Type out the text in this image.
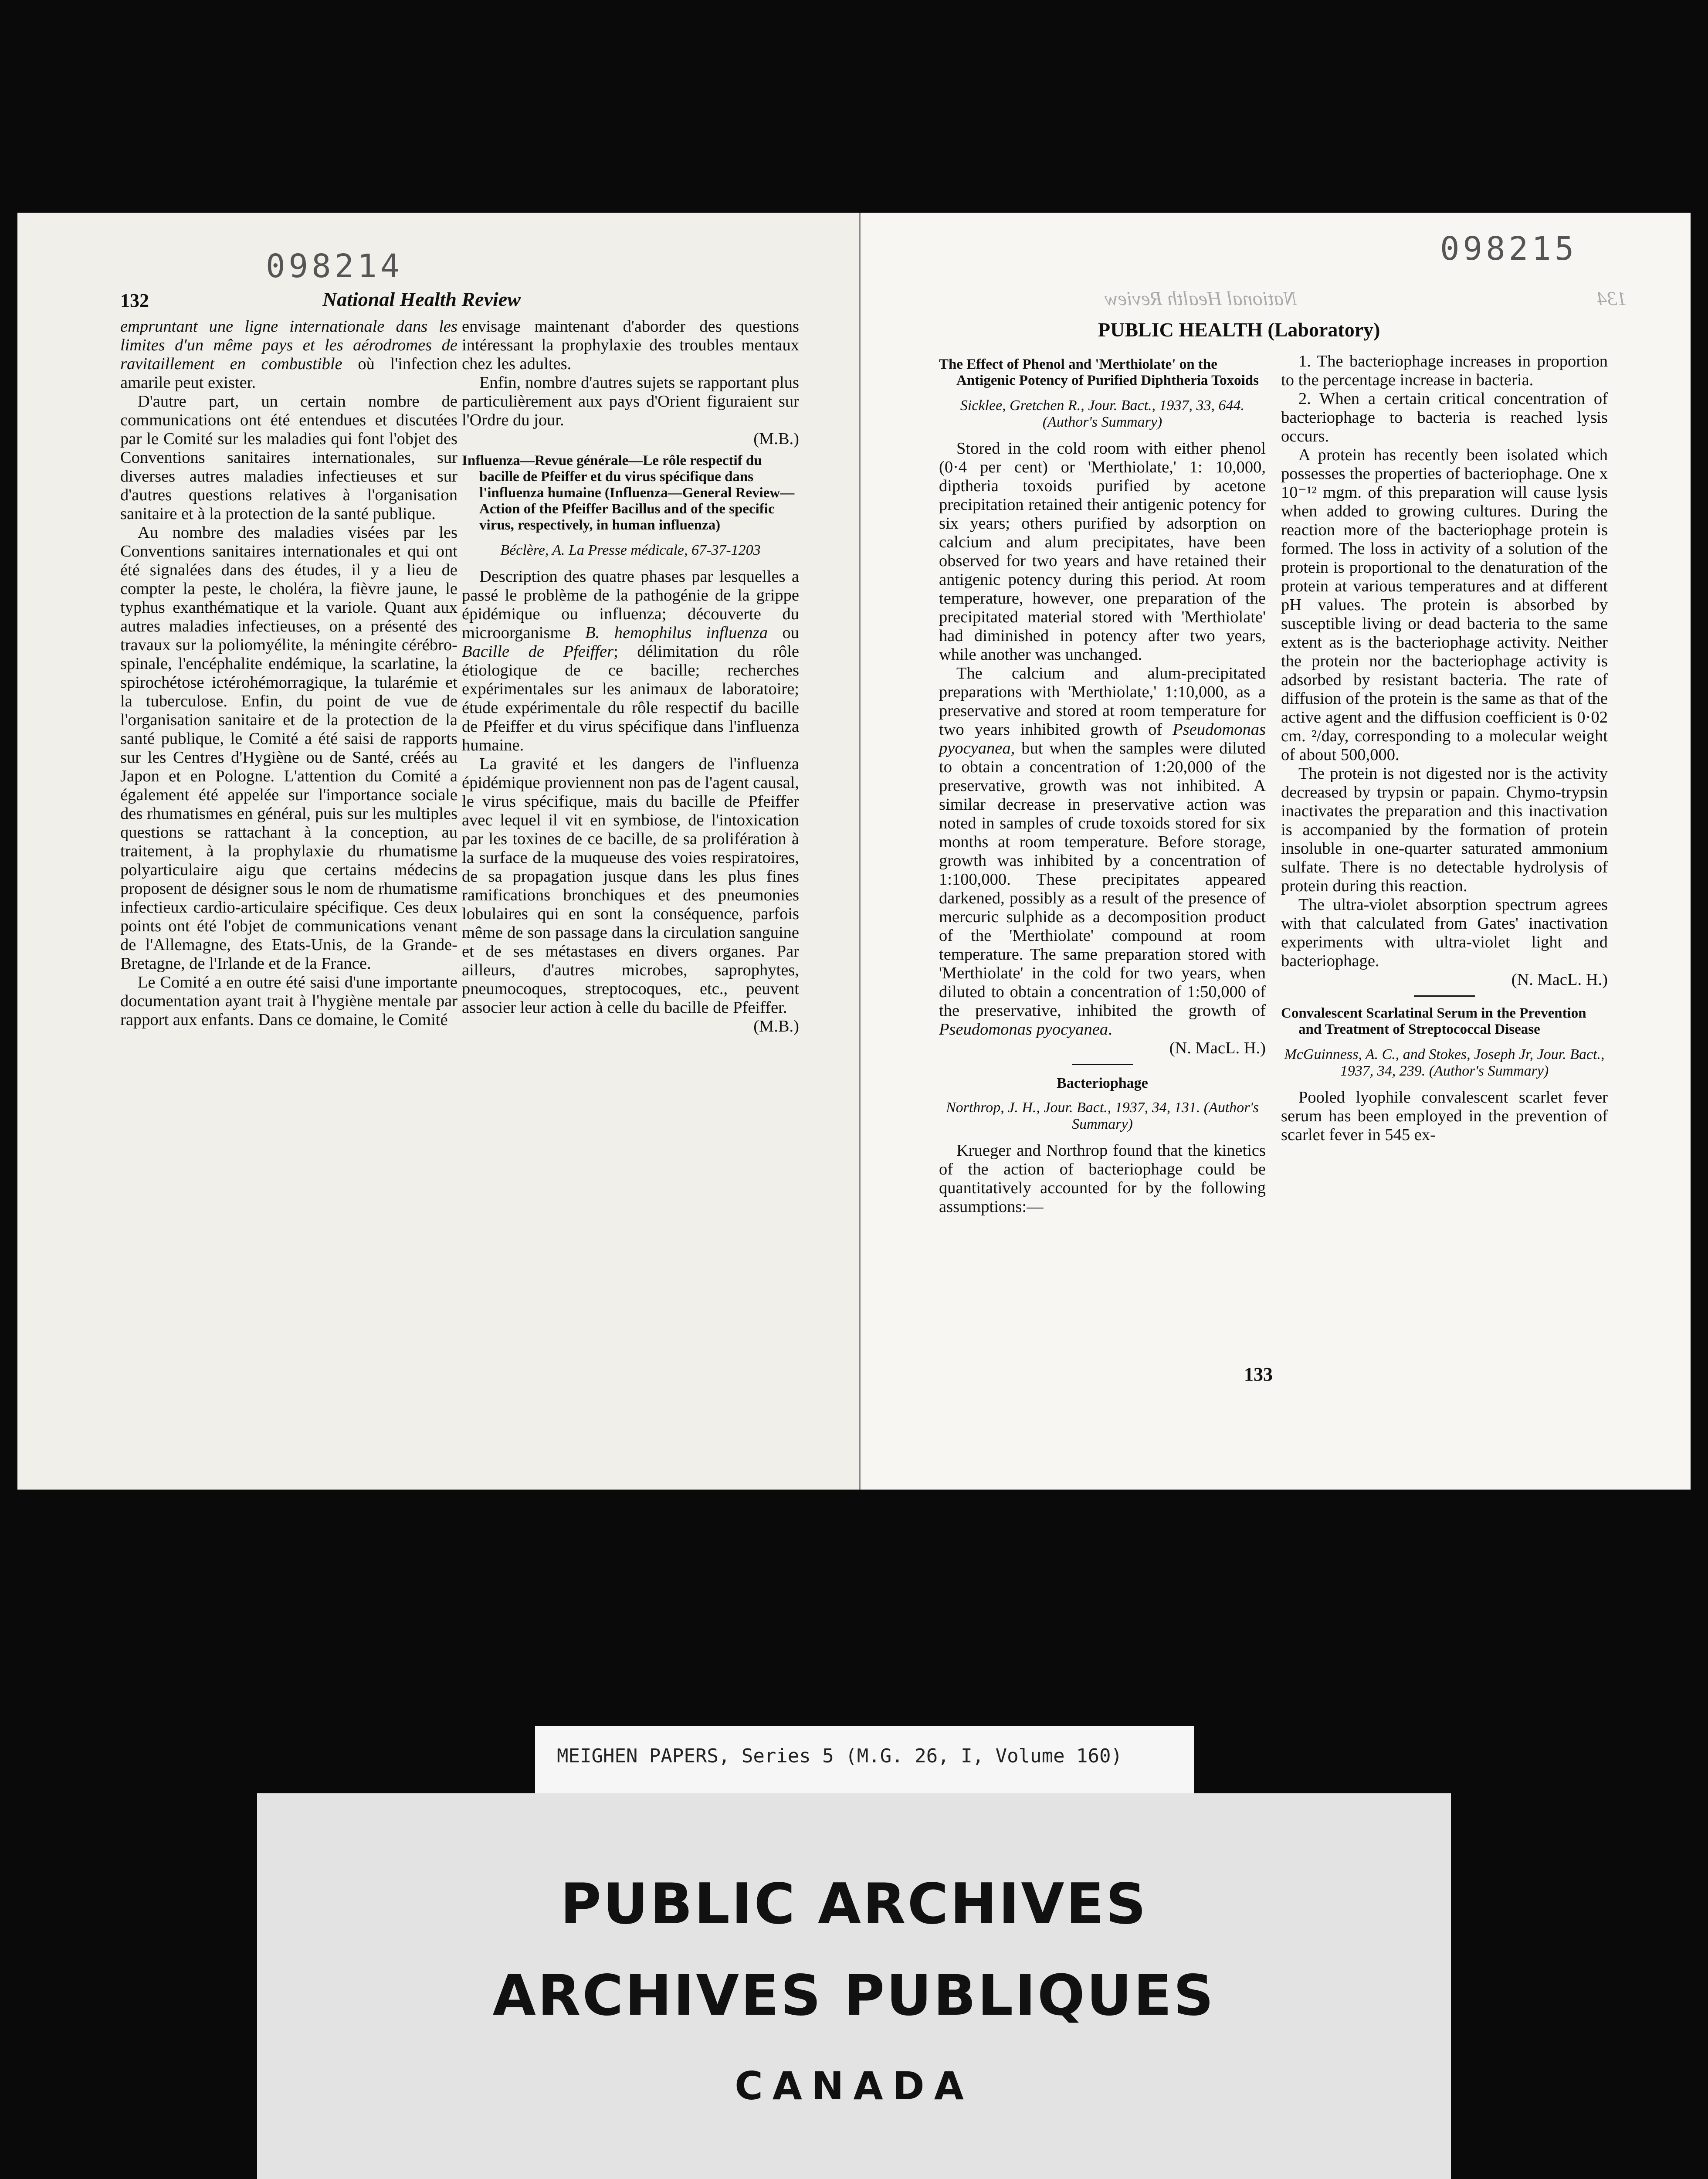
098214
132	National Health Review

empruntant une ligne internationale dans les limites d'un même pays et les aérodromes de ravitaillement en combustible où l'infection amarile peut exister.

D'autre part, un certain nombre de communications ont été entendues et discutées par le Comité sur les maladies qui font l'objet des Conventions sanitaires internationales, sur diverses autres maladies infectieuses et sur d'autres questions relatives à l'organisation sanitaire et à la protection de la santé publique.

Au nombre des maladies visées par les Conventions sanitaires internationales et qui ont été signalées dans des études, il y a lieu de compter la peste, le choléra, la fièvre jaune, le typhus exanthématique et la variole. Quant aux autres maladies infectieuses, on a présenté des travaux sur la poliomyélite, la méningite cérébro-spinale, l'encéphalite endémique, la scarlatine, la spirochétose ictérohémorragique, la tularémie et la tuberculose. Enfin, du point de vue de l'organisation sanitaire et de la protection de la santé publique, le Comité a été saisi de rapports sur les Centres d'Hygiène ou de Santé, créés au Japon et en Pologne. L'attention du Comité a également été appelée sur l'importance sociale des rhumatismes en général, puis sur les multiples questions se rattachant à la conception, au traitement, à la prophylaxie du rhumatisme polyarticulaire aigu que certains médecins proposent de désigner sous le nom de rhumatisme infectieux cardio-articulaire spécifique. Ces deux points ont été l'objet de communications venant de l'Allemagne, des Etats-Unis, de la Grande-Bretagne, de l'Irlande et de la France.

Le Comité a en outre été saisi d'une importante documentation ayant trait à l'hygiène mentale par rapport aux enfants. Dans ce domaine, le Comité

envisage maintenant d'aborder des questions intéressant la prophylaxie des troubles mentaux chez les adultes.

Enfin, nombre d'autres sujets se rapportant plus particulièrement aux pays d'Orient figuraient sur l'Ordre du jour.

(M.B.)

Influenza—Revue générale—Le rôle respectif du bacille de Pfeiffer et du virus spécifique dans l'influenza humaine (Influenza—General Review—Action of the Pfeiffer Bacillus and of the specific virus, respectively, in human influenza)
Béclère, A. La Presse médicale, 67-37-1203

Description des quatre phases par lesquelles a passé le problème de la pathogénie de la grippe épidémique ou influenza; découverte du microorganisme B. hemophilus influenza ou Bacille de Pfeiffer; délimitation du rôle étiologique de ce bacille; recherches expérimentales sur les animaux de laboratoire; étude expérimentale du rôle respectif du bacille de Pfeiffer et du virus spécifique dans l'influenza humaine.

La gravité et les dangers de l'influenza épidémique proviennent non pas de l'agent causal, le virus spécifique, mais du bacille de Pfeiffer avec lequel il vit en symbiose, de l'intoxication par les toxines de ce bacille, de sa prolifération à la surface de la muqueuse des voies respiratoires, de sa propagation jusque dans les plus fines ramifications bronchiques et des pneumonies lobulaires qui en sont la conséquence, parfois même de son passage dans la circulation sanguine et de ses métastases en divers organes. Par ailleurs, d'autres microbes, saprophytes, pneumocoques, streptocoques, etc., peuvent associer leur action à celle du bacille de Pfeiffer.

(M.B.)

098215
National Health Review	134
PUBLIC HEALTH (Laboratory)
The Effect of Phenol and 'Merthiolate' on the Antigenic Potency of Purified Diphtheria Toxoids
Sicklee, Gretchen R., Jour. Bact., 1937, 33, 644. (Author's Summary)

Stored in the cold room with either phenol (0·4 per cent) or 'Merthiolate,' 1: 10,000, diptheria toxoids purified by acetone precipitation retained their antigenic potency for six years; others purified by adsorption on calcium and alum precipitates, have been observed for two years and have retained their antigenic potency during this period. At room temperature, however, one preparation of the precipitated material stored with 'Merthiolate' had diminished in potency after two years, while another was unchanged.

The calcium and alum-precipitated preparations with 'Merthiolate,' 1:10,000, as a preservative and stored at room temperature for two years inhibited growth of Pseudomonas pyocyanea, but when the samples were diluted to obtain a concentration of 1:20,000 of the preservative, growth was not inhibited. A similar decrease in preservative action was noted in samples of crude toxoids stored for six months at room temperature. Before storage, growth was inhibited by a concentration of 1:100,000. These precipitates appeared darkened, possibly as a result of the presence of mercuric sulphide as a decomposition product of the 'Merthiolate' compound at room temperature. The same preparation stored with 'Merthiolate' in the cold for two years, when diluted to obtain a concentration of 1:50,000 of the preservative, inhibited the growth of Pseudomonas pyocyanea.

(N. MacL. H.)

Bacteriophage
Northrop, J. H., Jour. Bact., 1937, 34, 131. (Author's Summary)

Krueger and Northrop found that the kinetics of the action of bacteriophage could be quantitatively accounted for by the following assumptions:—

1. The bacteriophage increases in proportion to the percentage increase in bacteria.

2. When a certain critical concentration of bacteriophage to bacteria is reached lysis occurs.

A protein has recently been isolated which possesses the properties of bacteriophage. One x 10⁻¹² mgm. of this preparation will cause lysis when added to growing cultures. During the reaction more of the bacteriophage protein is formed. The loss in activity of a solution of the protein is proportional to the denaturation of the protein at various temperatures and at different pH values. The protein is absorbed by susceptible living or dead bacteria to the same extent as is the bacteriophage activity. Neither the protein nor the bacteriophage activity is adsorbed by resistant bacteria. The rate of diffusion of the protein is the same as that of the active agent and the diffusion coefficient is 0·02 cm. ²/day, corresponding to a molecular weight of about 500,000.

The protein is not digested nor is the activity decreased by trypsin or papain. Chymo-trypsin inactivates the preparation and this inactivation is accompanied by the formation of protein insoluble in one-quarter saturated ammonium sulfate. There is no detectable hydrolysis of protein during this reaction.

The ultra-violet absorption spectrum agrees with that calculated from Gates' inactivation experiments with ultra-violet light and bacteriophage.

(N. MacL. H.)

Convalescent Scarlatinal Serum in the Prevention and Treatment of Streptococcal Disease
McGuinness, A. C., and Stokes, Joseph Jr, Jour. Bact., 1937, 34, 239. (Author's Summary)

Pooled lyophile convalescent scarlet fever serum has been employed in the prevention of scarlet fever in 545 ex-

133
MEIGHEN PAPERS, Series 5 (M.G. 26, I, Volume 160)
PUBLIC ARCHIVES
ARCHIVES PUBLIQUES
CANADA
